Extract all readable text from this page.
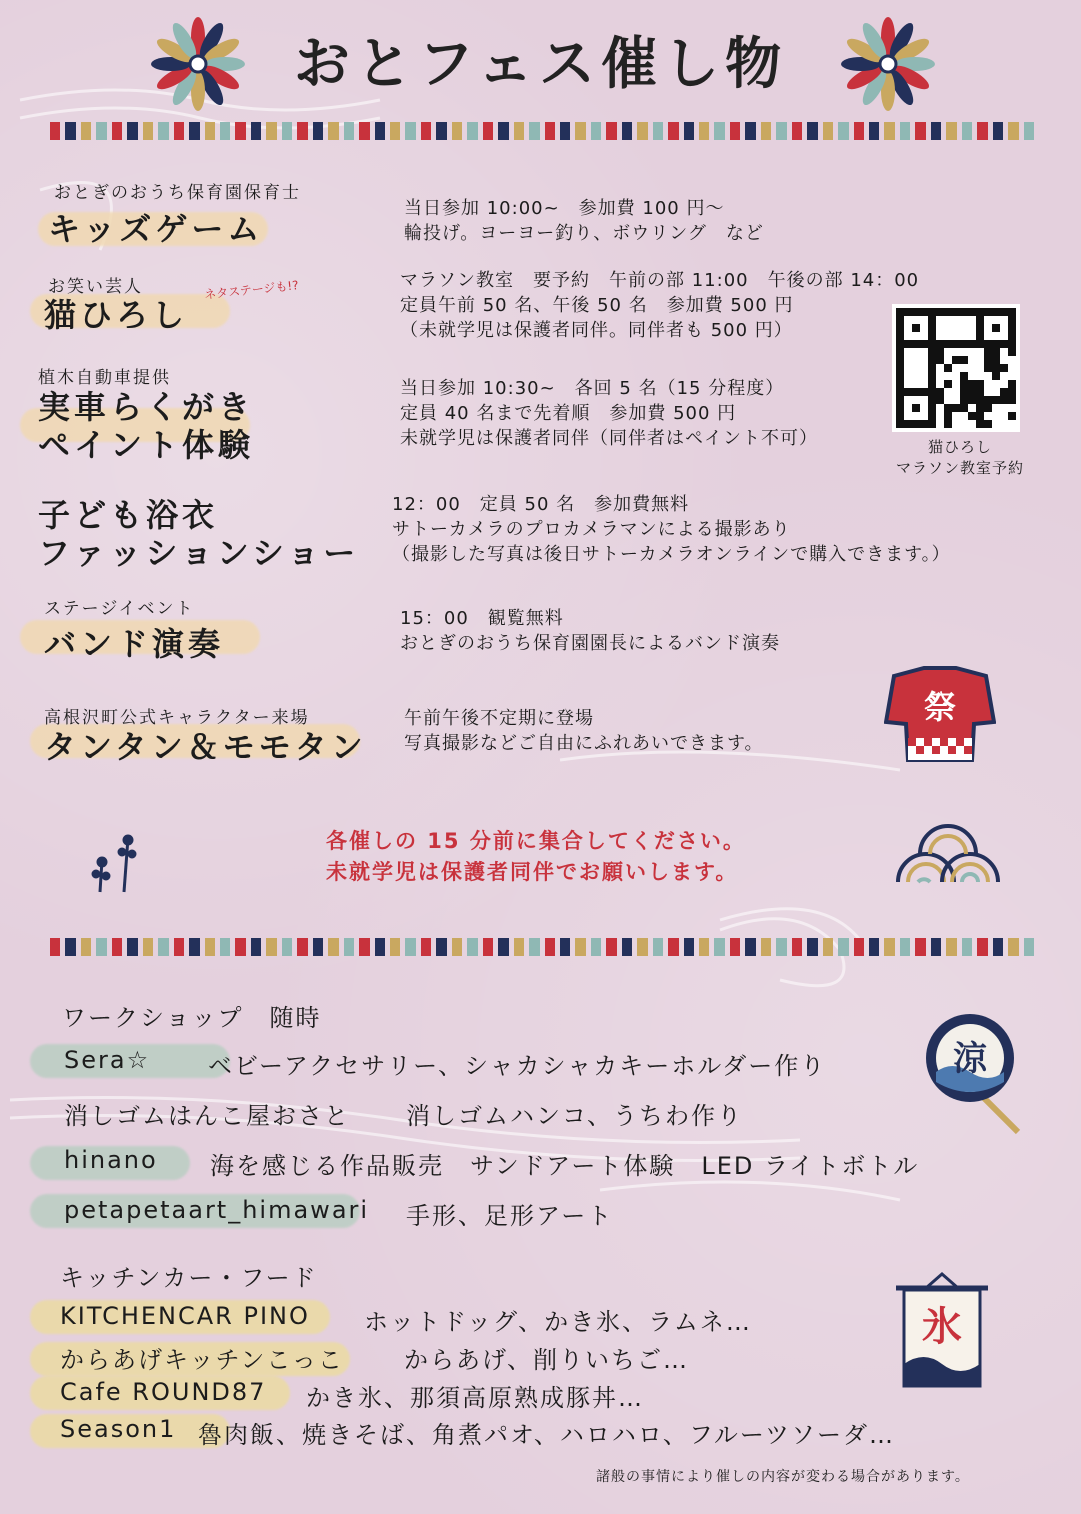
おとフェス催し物
おとぎのおうち保育園保育士
キッズゲーム
当日参加 10:00~　参加費 100 円～
輪投げ。ヨーヨー釣り、ボウリング　など
お笑い芸人
猫ひろし
ネタステージも!?	マラソン教室　要予約　午前の部 11:00　午後の部 14：00
定員午前 50 名、午後 50 名　参加費 500 円
（未就学児は保護者同伴。同伴者も 500 円）
猫ひろし
マラソン教室予約
植木自動車提供
実車らくがき
ペイント体験
当日参加 10:30~　各回 5 名（15 分程度）
定員 40 名まで先着順　参加費 500 円
未就学児は保護者同伴（同伴者はペイント不可）
子ども浴衣
ファッションショー
12：00　定員 50 名　参加費無料
サトーカメラのプロカメラマンによる撮影あり
（撮影した写真は後日サトーカメラオンラインで購入できます。）
ステージイベント
バンド演奏
15：00　観覧無料
おとぎのおうち保育園園長によるバンド演奏
高根沢町公式キャラクター来場
タンタン＆モモタン
午前午後不定期に登場
写真撮影などご自由にふれあいできます。
祭
各催しの 15 分前に集合してください。
未就学児は保護者同伴でお願いします。
ワークショップ　随時
Sera☆ ベビーアクセサリー、シャカシャカキーホルダー作り
消しゴムはんこ屋おさと 消しゴムハンコ、うちわ作り
hinano 海を感じる作品販売　サンドアート体験　LED ライトボトル
petapetaart_himawari 手形、足形アート
涼
キッチンカー・フード
KITCHENCAR PINO ホットドッグ、かき氷、ラムネ…
からあげキッチンこっこ	からあげ、削りいちご…
Cafe ROUND87 かき氷、那須高原熟成豚丼…
Season1 魯肉飯、焼きそば、角煮パオ、ハロハロ、フルーツソーダ…
氷
諸般の事情により催しの内容が変わる場合があります。
